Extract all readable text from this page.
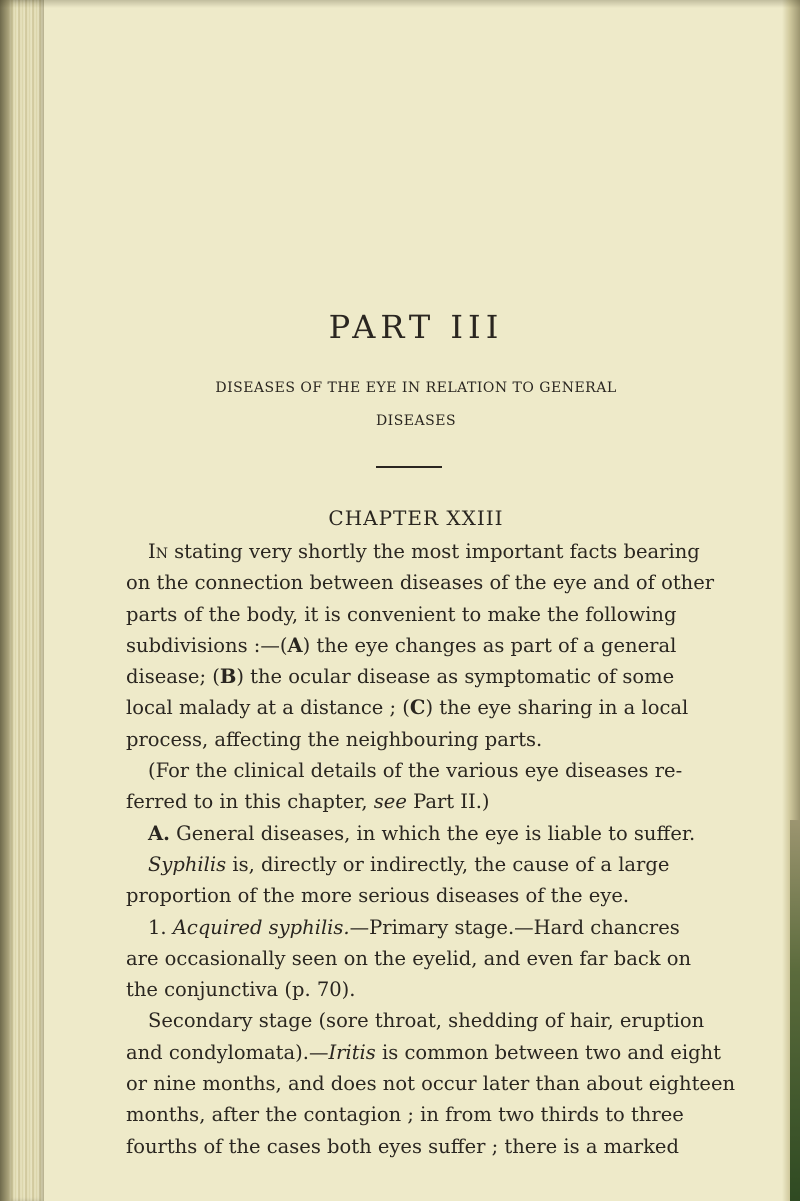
PART III
DISEASES OF THE EYE IN RELATION TO GENERAL
DISEASES
CHAPTER XXIII
In stating very shortly the most important facts bearing
on the connection between diseases of the eye and of other
parts of the body, it is convenient to make the following
subdivisions :—(A) the eye changes as part of a general
disease; (B) the ocular disease as symptomatic of some
local malady at a distance ; (C) the eye sharing in a local
process, affecting the neighbouring parts.
(For the clinical details of the various eye diseases re-
ferred to in this chapter, see Part II.)
A. General diseases, in which the eye is liable to suffer.
Syphilis is, directly or indirectly, the cause of a large
proportion of the more serious diseases of the eye.
1. Acquired syphilis.—Primary stage.—Hard chancres
are occasionally seen on the eyelid, and even far back on
the conjunctiva (p. 70).
Secondary stage (sore throat, shedding of hair, eruption
and condylomata).—Iritis is common between two and eight
or nine months, and does not occur later than about eighteen
months, after the contagion ; in from two thirds to three
fourths of the cases both eyes suffer ; there is a marked
